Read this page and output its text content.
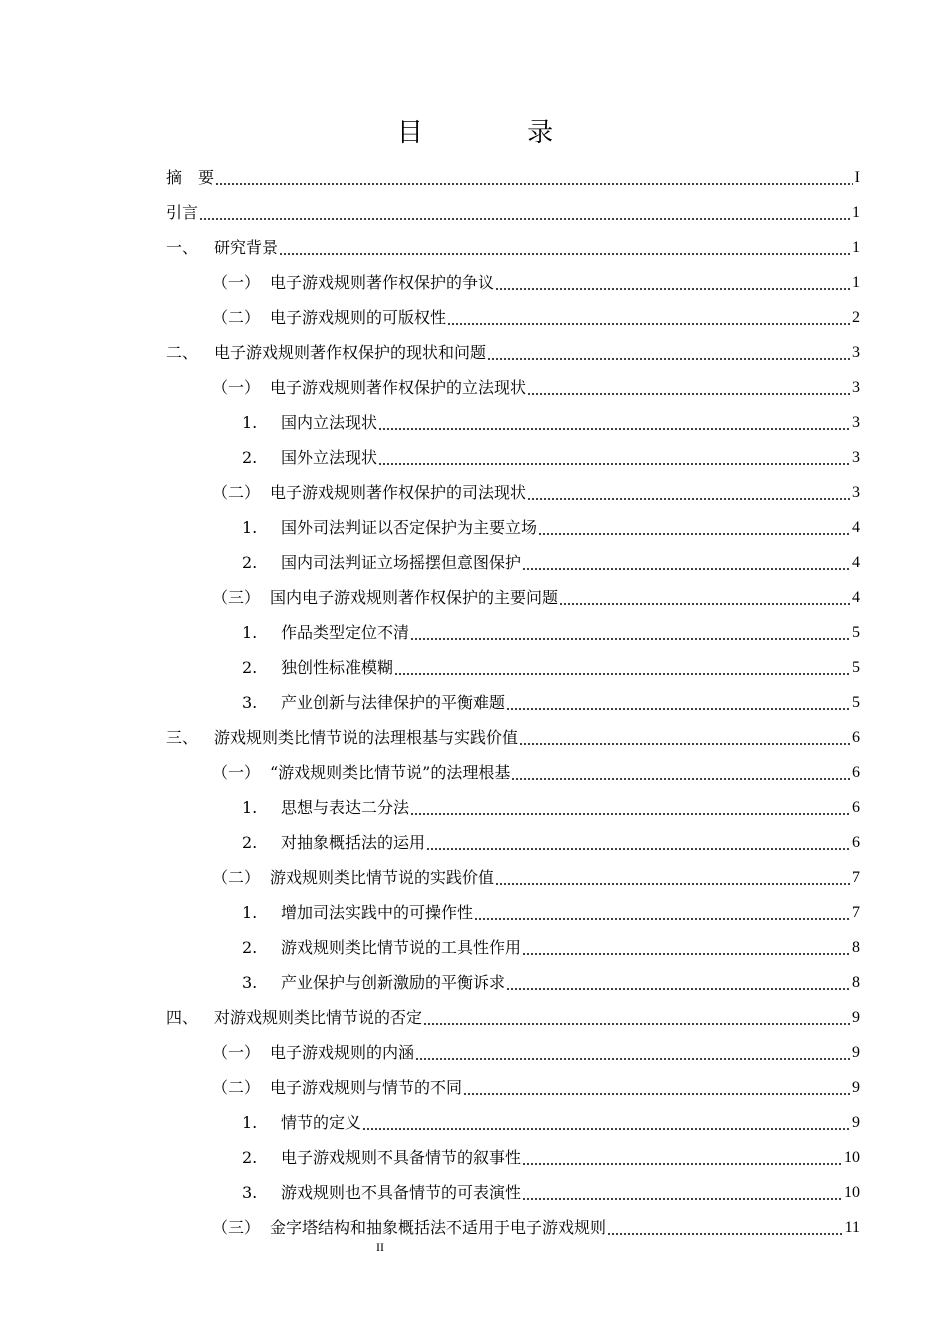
目 录
摘　要	I
引言	1
一、 研究背景	1
（一） 电子游戏规则著作权保护的争议	1
（二） 电子游戏规则的可版权性	2
二、 电子游戏规则著作权保护的现状和问题	3
（一） 电子游戏规则著作权保护的立法现状	3
1.	国内立法现状	3
2.	国外立法现状	3
（二） 电子游戏规则著作权保护的司法现状	3
1.	国外司法判证以否定保护为主要立场	4
2.	国内司法判证立场摇摆但意图保护	4
（三） 国内电子游戏规则著作权保护的主要问题	4
1.	作品类型定位不清	5
2.	独创性标准模糊	5
3.	产业创新与法律保护的平衡难题	5
三、 游戏规则类比情节说的法理根基与实践价值	6
（一） “游戏规则类比情节说”的法理根基	6
1.	思想与表达二分法	6
2.	对抽象概括法的运用	6
（二） 游戏规则类比情节说的实践价值	7
1.	增加司法实践中的可操作性	7
2.	游戏规则类比情节说的工具性作用	8
3.	产业保护与创新激励的平衡诉求	8
四、 对游戏规则类比情节说的否定	9
（一） 电子游戏规则的内涵	9
（二） 电子游戏规则与情节的不同	9
1.	情节的定义	9
2.	电子游戏规则不具备情节的叙事性	10
3.	游戏规则也不具备情节的可表演性	10
（三） 金字塔结构和抽象概括法不适用于电子游戏规则	11
II
